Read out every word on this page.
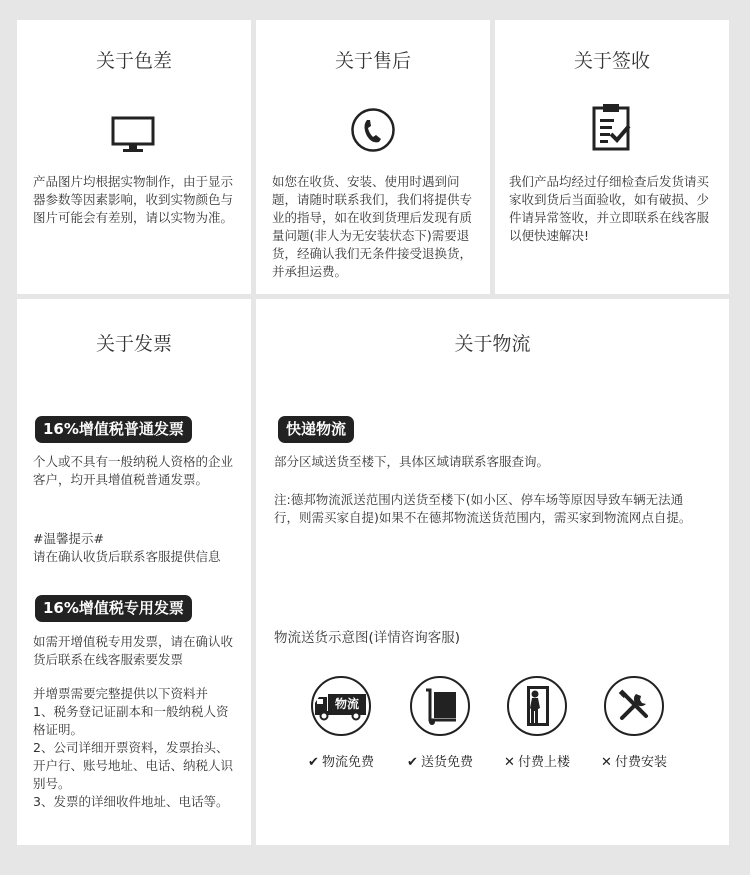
关于色差
产品图片均根据实物制作，由于显示器参数等因素影响，收到实物颜色与图片可能会有差别，请以实物为准。
关于售后
如您在收货、安装、使用时遇到问题，请随时联系我们，我们将提供专业的指导，如在收到货理后发现有质量问题(非人为无安装状态下)需要退货，经确认我们无条件接受退换货，并承担运费。
关于签收
我们产品均经过仔细检查后发货请买家收到货后当面验收，如有破损、少件请异常签收，并立即联系在线客服以便快速解决!
关于发票
16%增值税普通发票
个人或不具有一般纳税人资格的企业客户，均开具增值税普通发票。
#温馨提示#
请在确认收货后联系客服提供信息
16%增值税专用发票
如需开增值税专用发票，请在确认收货后联系在线客服索要发票
并增票需要完整提供以下资料并
1、税务登记证副本和一般纳税人资格证明。
2、公司详细开票资料，发票抬头、开户行、账号地址、电话、纳税人识别号。
3、发票的详细收件地址、电话等。
关于物流
快递物流
部分区域送货至楼下，具体区域请联系客服查询。
注:德邦物流派送范围内送货至楼下(如小区、停车场等原因导致车辆无法通行，则需买家自提)如果不在德邦物流送货范围内，需买家到物流网点自提。
物流送货示意图(详情咨询客服)
物流
✔ 物流免费	✔ 送货免费	✕ 付费上楼	✕ 付费安装
